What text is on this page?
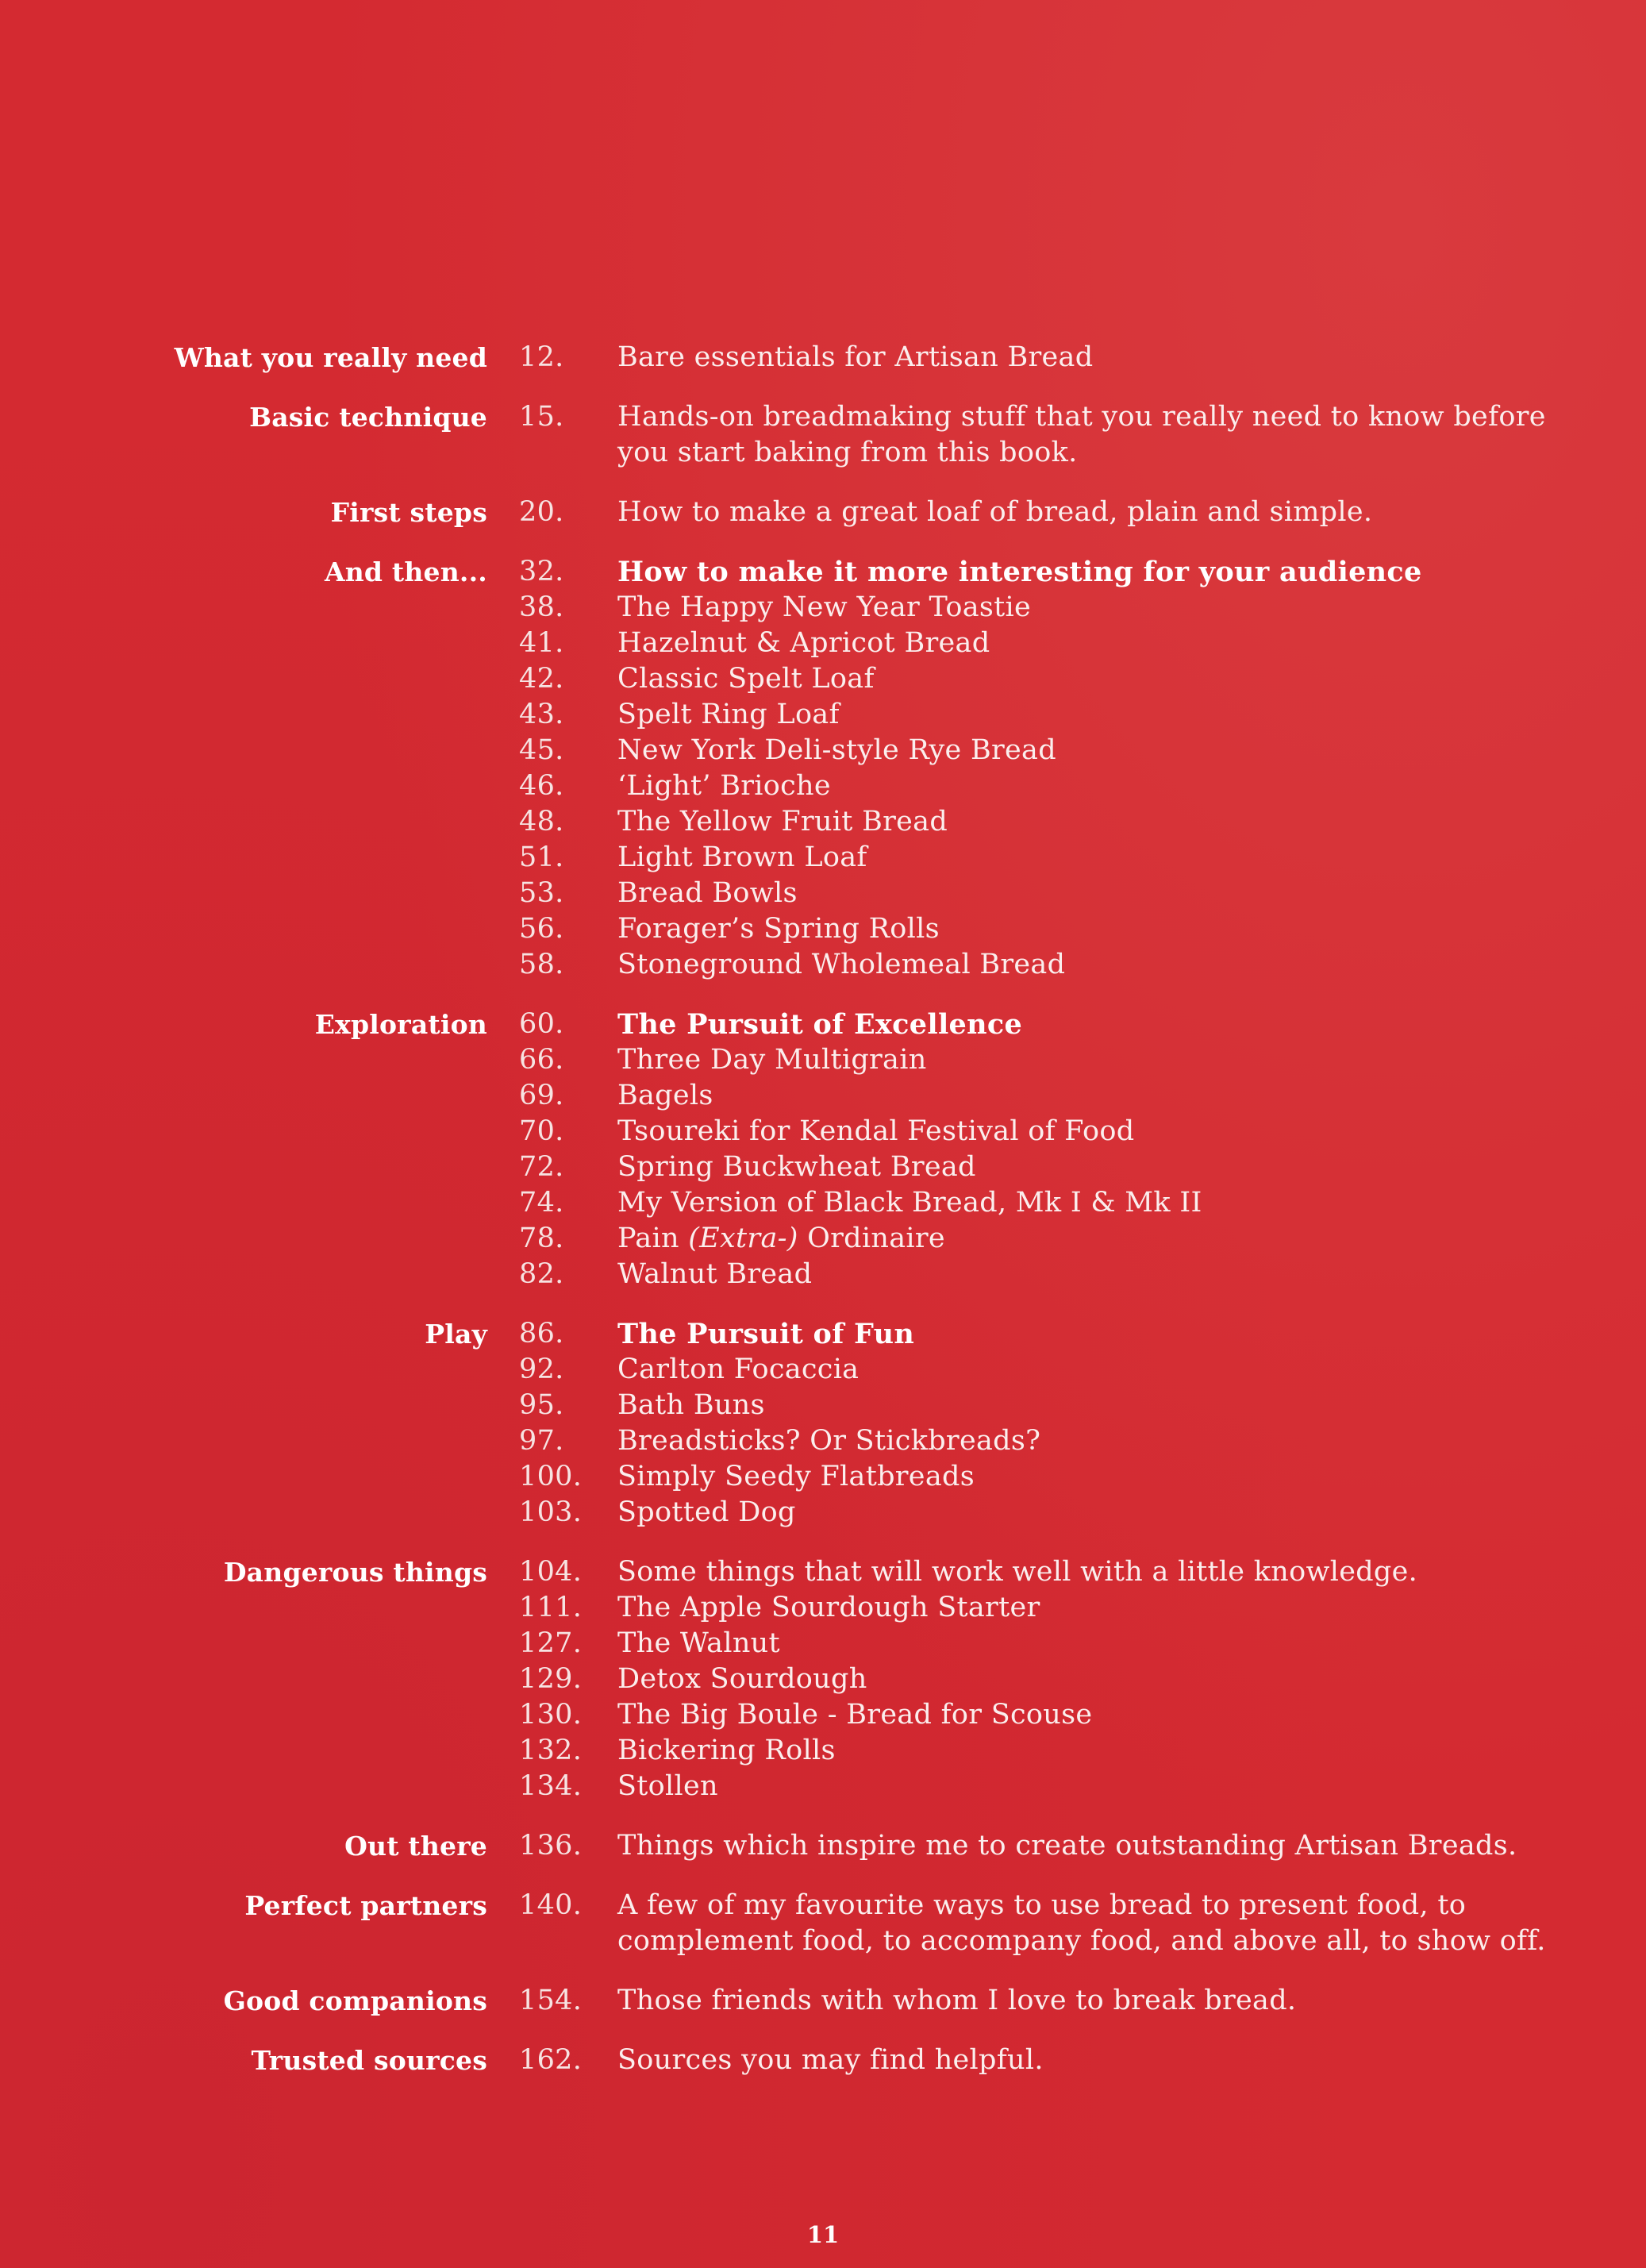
What you really need 12.	Bare essentials for Artisan Bread
Basic technique 15.	Hands-on breadmaking stuff that you really need to know before you start baking from this book.
First steps 20.	How to make a great loaf of bread, plain and simple.
And then... 32.	How to make it more interesting for your audience
38.	The Happy New Year Toastie
41.	Hazelnut & Apricot Bread
42.	Classic Spelt Loaf
43.	Spelt Ring Loaf
45.	New York Deli-style Rye Bread
46.	‘Light’ Brioche
48.	The Yellow Fruit Bread
51.	Light Brown Loaf
53.	Bread Bowls
56.	Forager’s Spring Rolls
58.	Stoneground Wholemeal Bread
Exploration 60.	The Pursuit of Excellence
66.	Three Day Multigrain
69.	Bagels
70.	Tsoureki for Kendal Festival of Food
72.	Spring Buckwheat Bread
74.	My Version of Black Bread, Mk I & Mk II
78.	Pain (Extra-) Ordinaire
82.	Walnut Bread
Play 86.	The Pursuit of Fun
92.	Carlton Focaccia
95.	Bath Buns
97.	Breadsticks? Or Stickbreads?
100.	Simply Seedy Flatbreads
103.	Spotted Dog
Dangerous things 104.	Some things that will work well with a little knowledge.
111.	The Apple Sourdough Starter
127.	The Walnut
129.	Detox Sourdough
130.	The Big Boule - Bread for Scouse
132.	Bickering Rolls
134.	Stollen
Out there 136.	Things which inspire me to create outstanding Artisan Breads.
Perfect partners 140.	A few of my favourite ways to use bread to present food, to complement food, to accompany food, and above all, to show off.
Good companions 154.	Those friends with whom I love to break bread.
Trusted sources 162.	Sources you may find helpful.
11
